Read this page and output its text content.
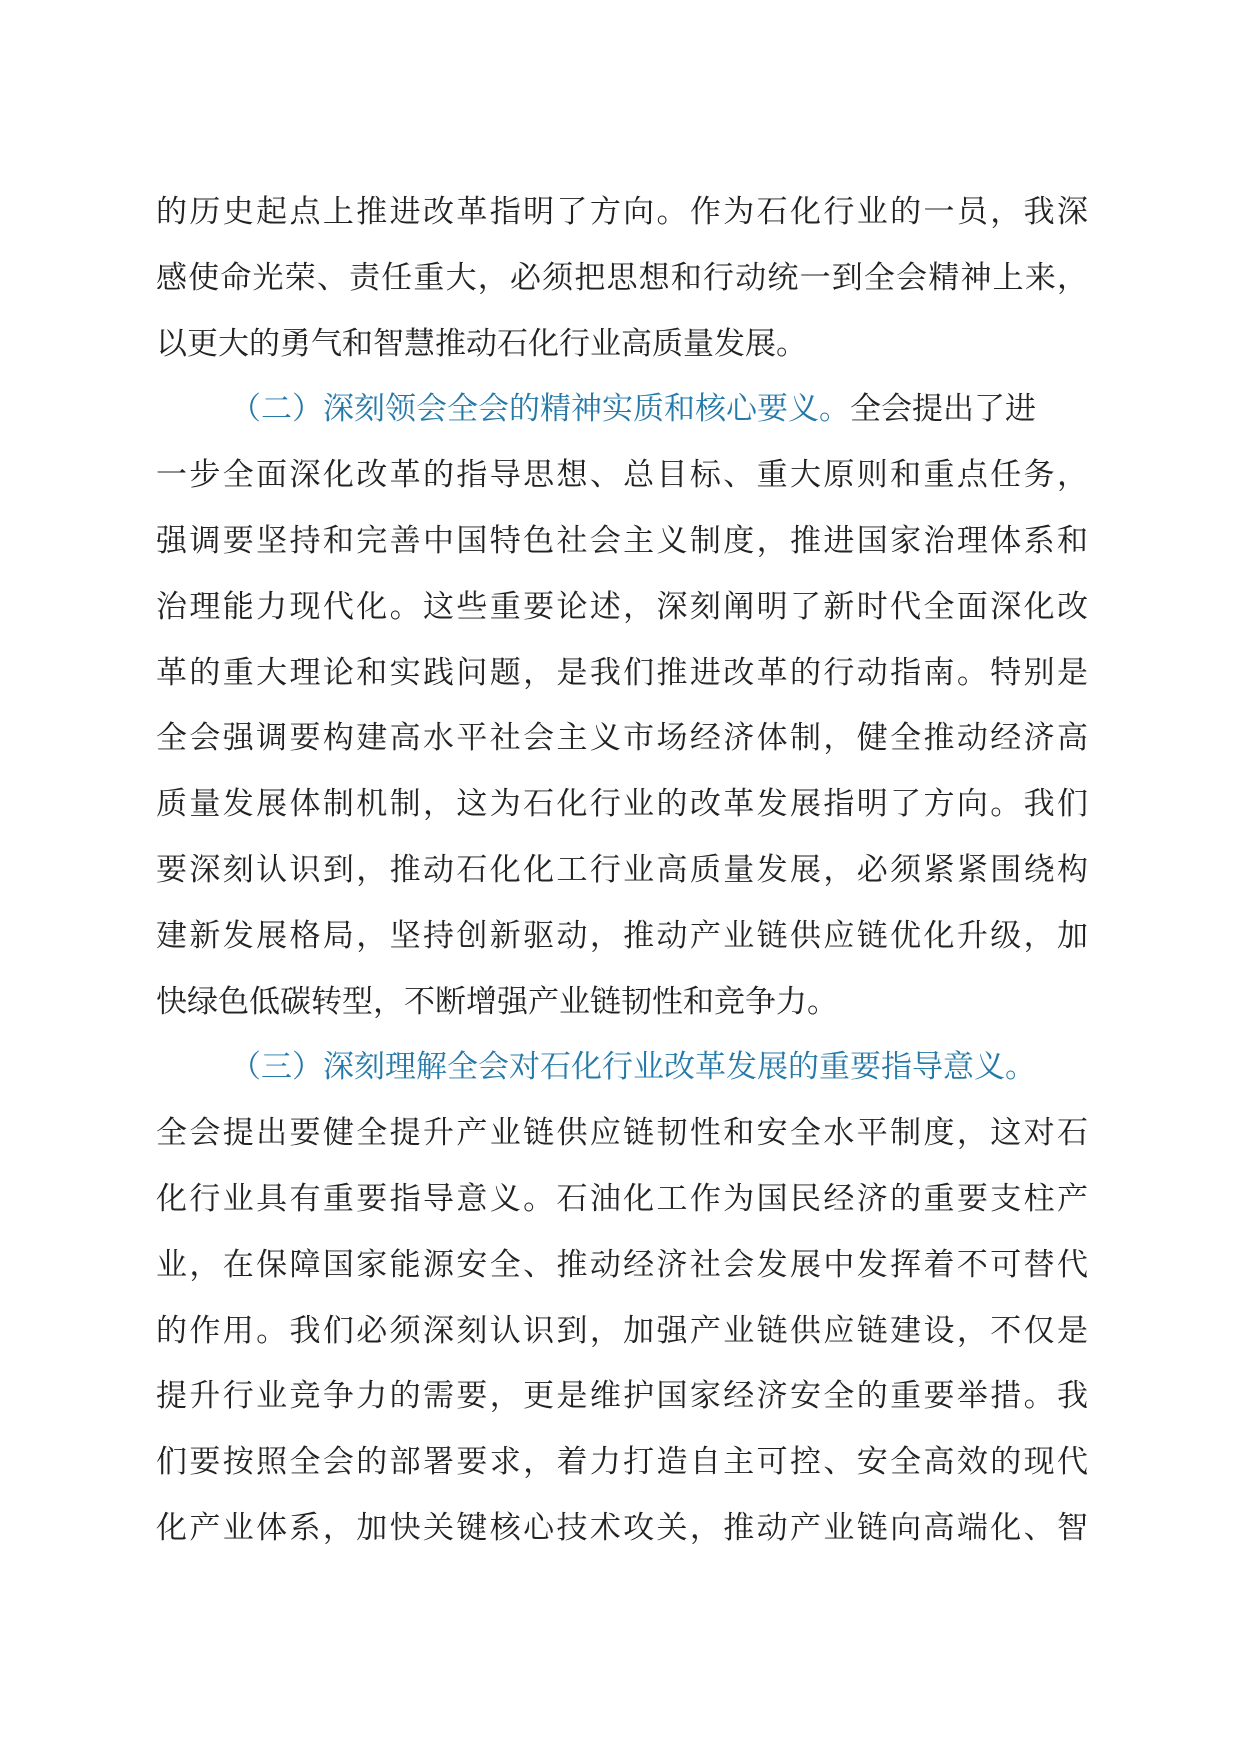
的历史起点上推进改革指明了方向。作为石化行业的一员，我深
感使命光荣、责任重大，必须把思想和行动统一到全会精神上来，
以更大的勇气和智慧推动石化行业高质量发展。
（二）深刻领会全会的精神实质和核心要义。全会提出了进
一步全面深化改革的指导思想、总目标、重大原则和重点任务，
强调要坚持和完善中国特色社会主义制度，推进国家治理体系和
治理能力现代化。这些重要论述，深刻阐明了新时代全面深化改
革的重大理论和实践问题，是我们推进改革的行动指南。特别是
全会强调要构建高水平社会主义市场经济体制，健全推动经济高
质量发展体制机制，这为石化行业的改革发展指明了方向。我们
要深刻认识到，推动石化化工行业高质量发展，必须紧紧围绕构
建新发展格局，坚持创新驱动，推动产业链供应链优化升级，加
快绿色低碳转型，不断增强产业链韧性和竞争力。
（三）深刻理解全会对石化行业改革发展的重要指导意义。
全会提出要健全提升产业链供应链韧性和安全水平制度，这对石
化行业具有重要指导意义。石油化工作为国民经济的重要支柱产
业，在保障国家能源安全、推动经济社会发展中发挥着不可替代
的作用。我们必须深刻认识到，加强产业链供应链建设，不仅是
提升行业竞争力的需要，更是维护国家经济安全的重要举措。我
们要按照全会的部署要求，着力打造自主可控、安全高效的现代
化产业体系，加快关键核心技术攻关，推动产业链向高端化、智
